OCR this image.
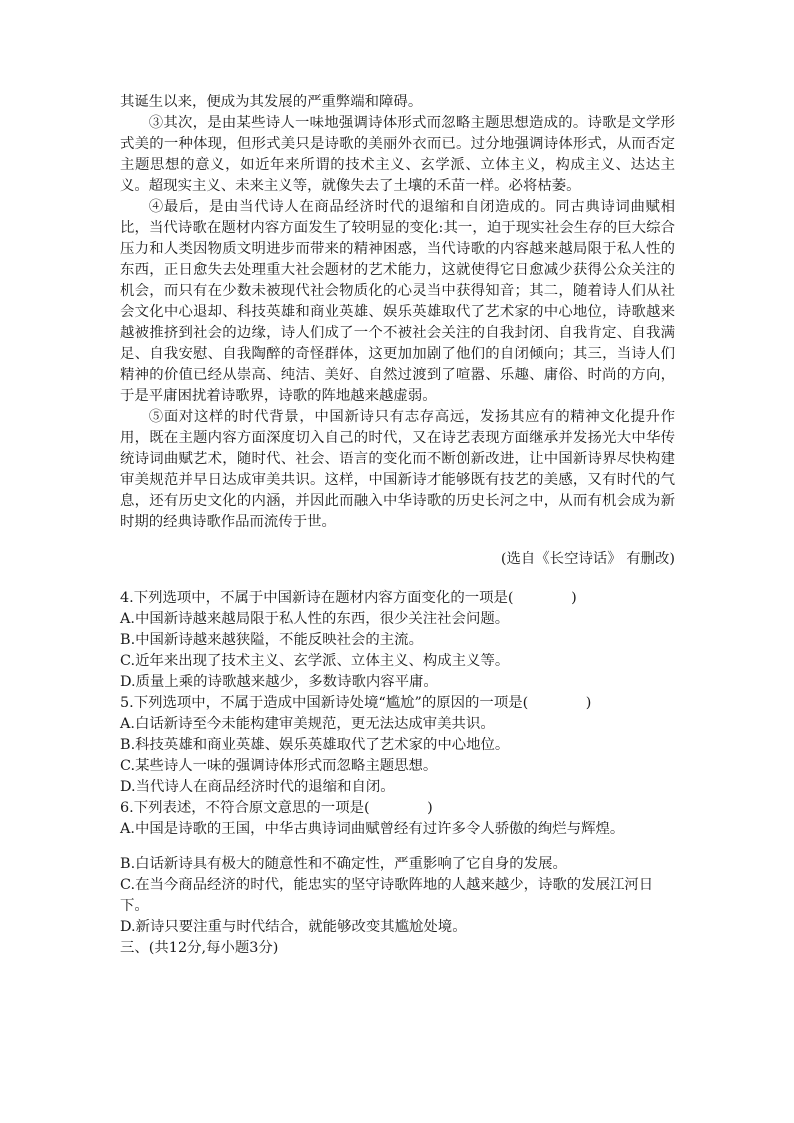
其诞生以来，便成为其发展的严重弊端和障碍。

③其次，是由某些诗人一味地强调诗体形式而忽略主题思想造成的。诗歌是文学形式美的一种体现，但形式美只是诗歌的美丽外衣而已。过分地强调诗体形式，从而否定主题思想的意义，如近年来所谓的技术主义、玄学派、立体主义，构成主义、达达主义。超现实主义、未来主义等，就像失去了土壤的禾苗一样。必将枯萎。

④最后，是由当代诗人在商品经济时代的退缩和自闭造成的。同古典诗词曲赋相比，当代诗歌在题材内容方面发生了较明显的变化:其一，迫于现实社会生存的巨大综合压力和人类因物质文明进步而带来的精神困惑，当代诗歌的内容越来越局限于私人性的东西，正日愈失去处理重大社会题材的艺术能力，这就使得它日愈减少获得公众关注的机会，而只有在少数未被现代社会物质化的心灵当中获得知音；其二，随着诗人们从社会文化中心退却、科技英雄和商业英雄、娱乐英雄取代了艺术家的中心地位，诗歌越来越被推挤到社会的边缘，诗人们成了一个不被社会关注的自我封闭、自我肯定、自我满足、自我安慰、自我陶醉的奇怪群体，这更加加剧了他们的自闭倾向；其三，当诗人们精神的价值已经从崇高、纯洁、美好、自然过渡到了喧嚣、乐趣、庸俗、时尚的方向，于是平庸困扰着诗歌界，诗歌的阵地越来越虚弱。

⑤面对这样的时代背景，中国新诗只有志存高远，发扬其应有的精神文化提升作用，既在主题内容方面深度切入自己的时代，又在诗艺表现方面继承并发扬光大中华传统诗词曲赋艺术，随时代、社会、语言的变化而不断创新改进，让中国新诗界尽快构建审美规范并早日达成审美共识。这样，中国新诗才能够既有技艺的美感，又有时代的气息，还有历史文化的内涵，并因此而融入中华诗歌的历史长河之中，从而有机会成为新时期的经典诗歌作品而流传于世。

(选自《长空诗话》 有删改)

4.下列选项中，不属于中国新诗在题材内容方面变化的一项是(　　　　)

A.中国新诗越来越局限于私人性的东西，很少关注社会问题。

B.中国新诗越来越狭隘，不能反映社会的主流。

C.近年来出现了技术主义、玄学派、立体主义、构成主义等。

D.质量上乘的诗歌越来越少，多数诗歌内容平庸。

5.下列选项中，不属于造成中国新诗处境“尴尬”的原因的一项是(　　　　)

A.白话新诗至今未能构建审美规范，更无法达成审美共识。

B.科技英雄和商业英雄、娱乐英雄取代了艺术家的中心地位。

C.某些诗人一味的强调诗体形式而忽略主题思想。

D.当代诗人在商品经济时代的退缩和自闭。

6.下列表述，不符合原文意思的一项是(　　　　)

A.中国是诗歌的王国，中华古典诗词曲赋曾经有过许多令人骄傲的绚烂与辉煌。

B.白话新诗具有极大的随意性和不确定性，严重影响了它自身的发展。

C.在当今商品经济的时代，能忠实的坚守诗歌阵地的人越来越少，诗歌的发展江河日下。

D.新诗只要注重与时代结合，就能够改变其尴尬处境。

三、(共12分,每小题3分)
